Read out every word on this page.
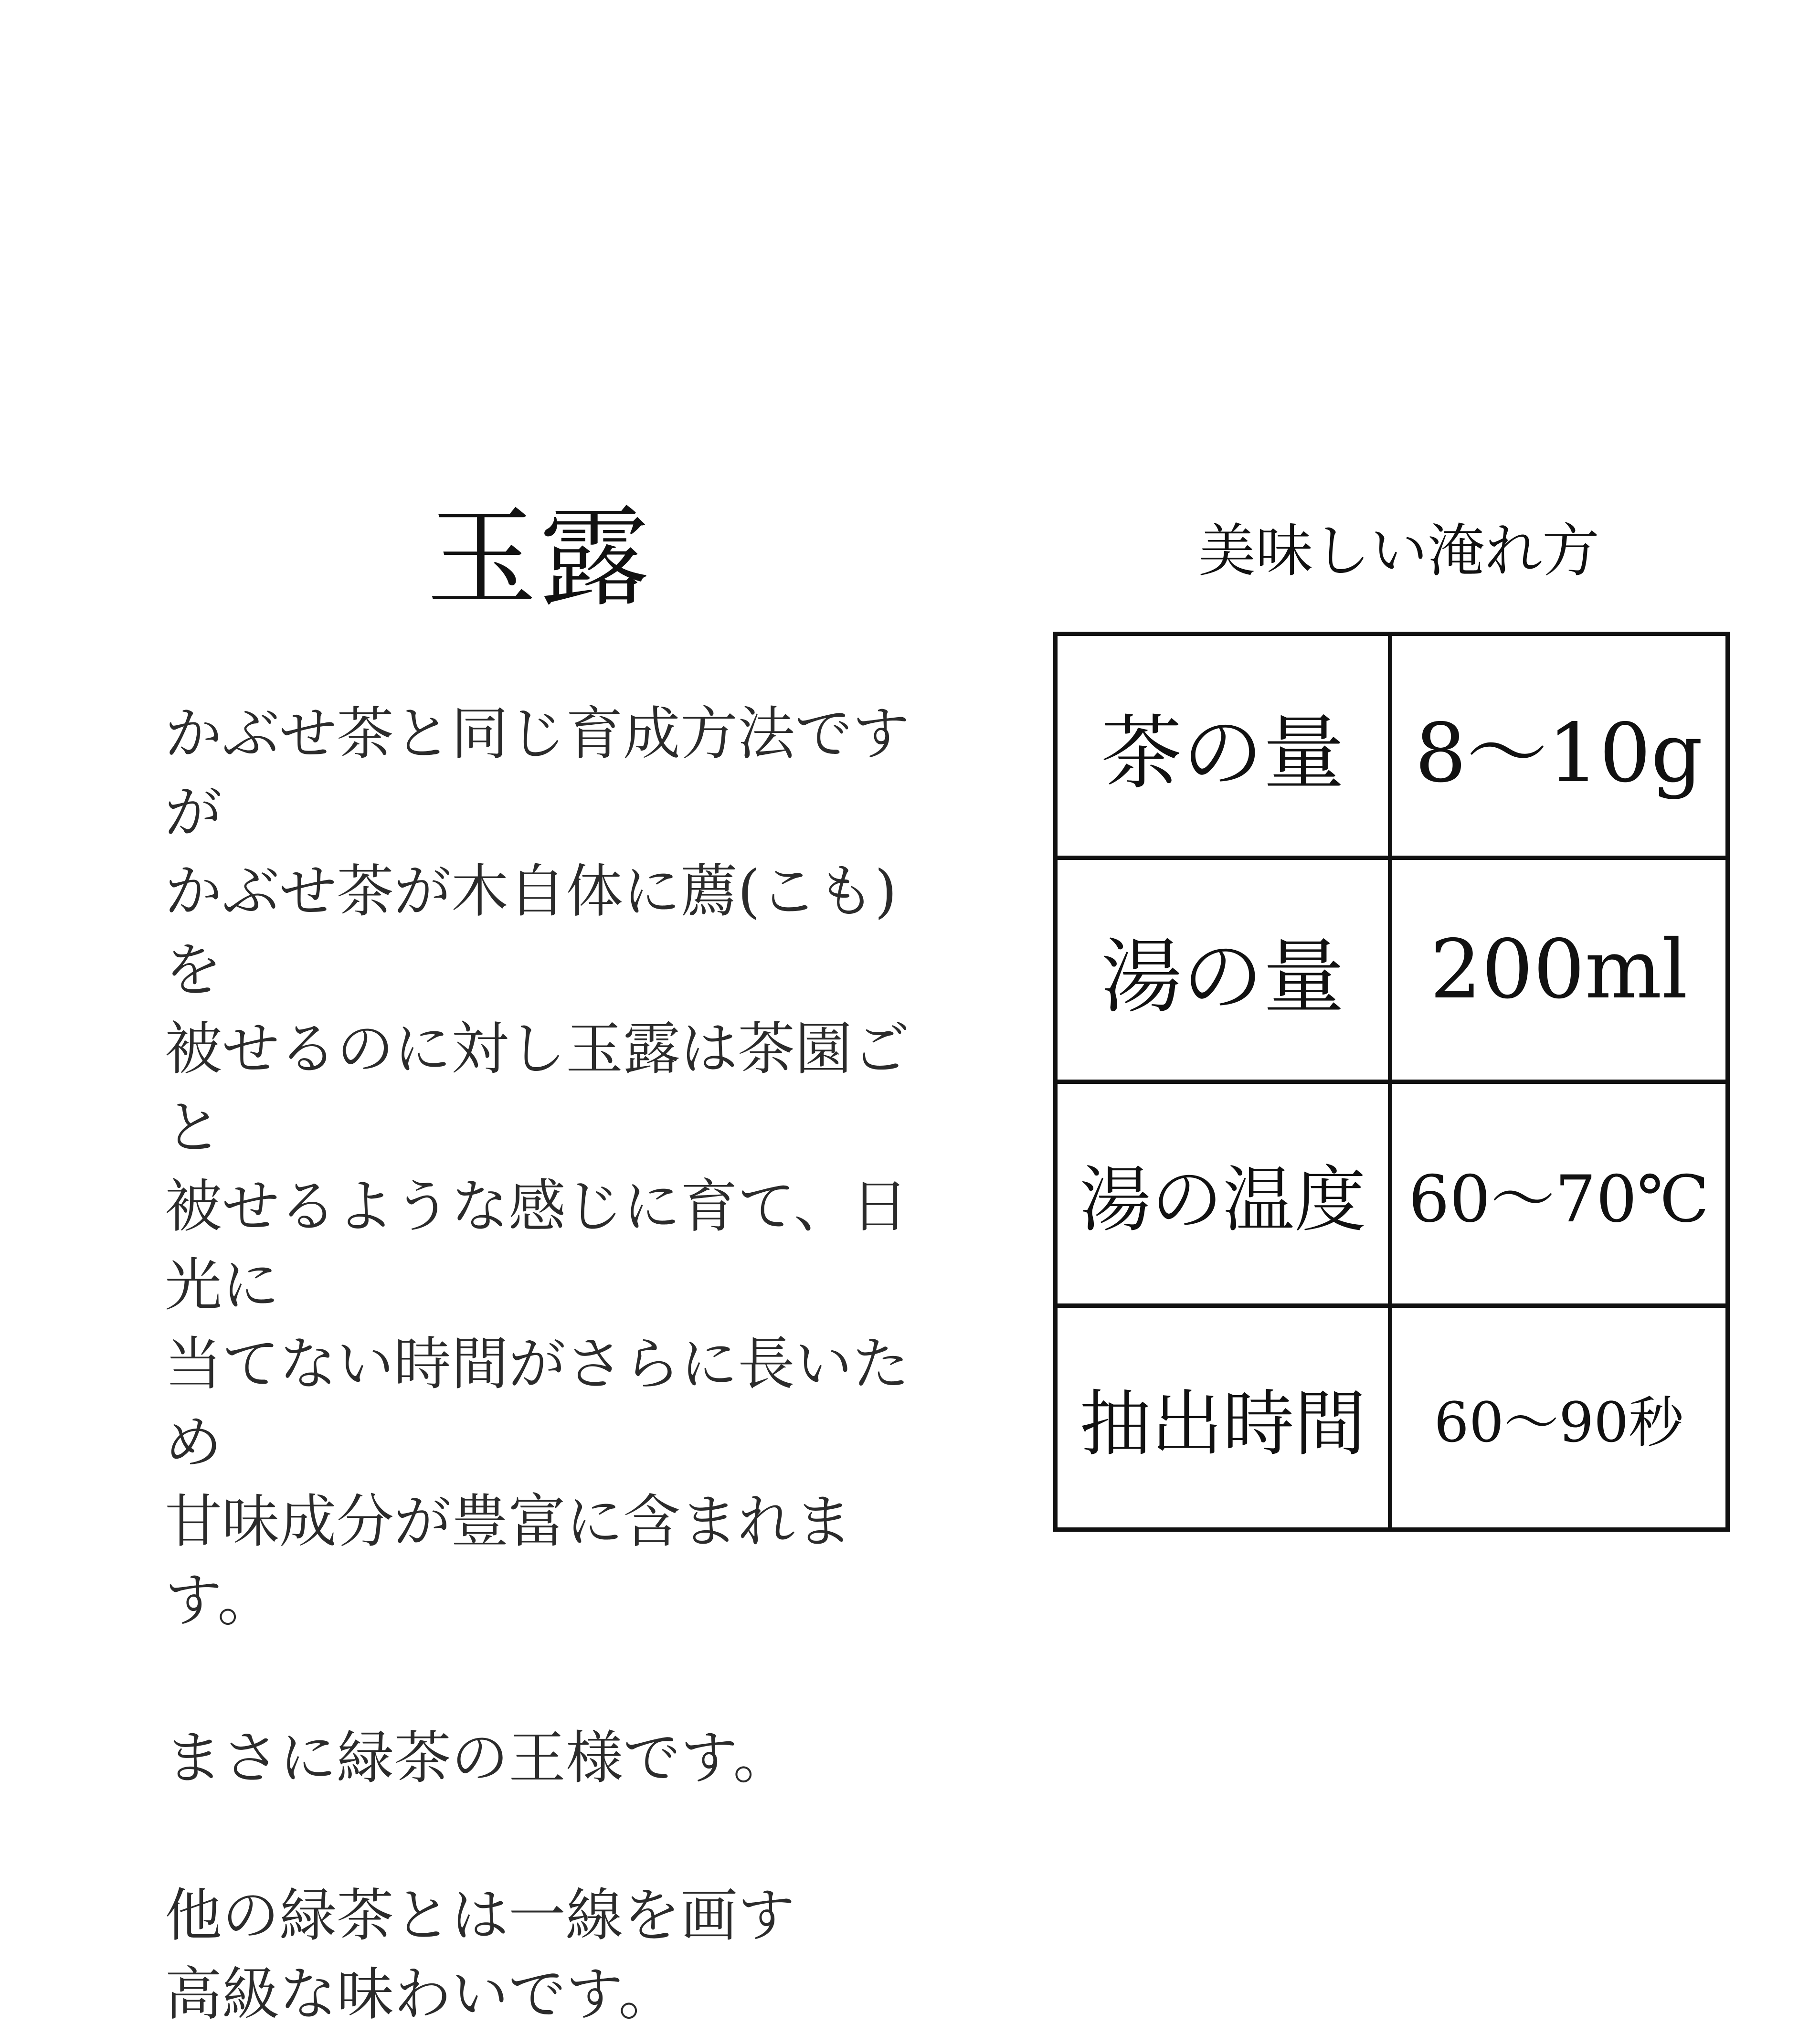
玉露

かぶせ茶と同じ育成方法ですが
かぶせ茶が木自体に薦(こも)を
被せるのに対し玉露は茶園ごと
被せるような感じに育て、日光に
当てない時間がさらに長いため
甘味成分が豊富に含まれます。

まさに緑茶の王様です。

他の緑茶とは一線を画す
高級な味わいです。

美味しい淹れ方
茶の量	8〜10g
湯の量	200ml
湯の温度	60〜70℃
抽出時間	60〜90秒
